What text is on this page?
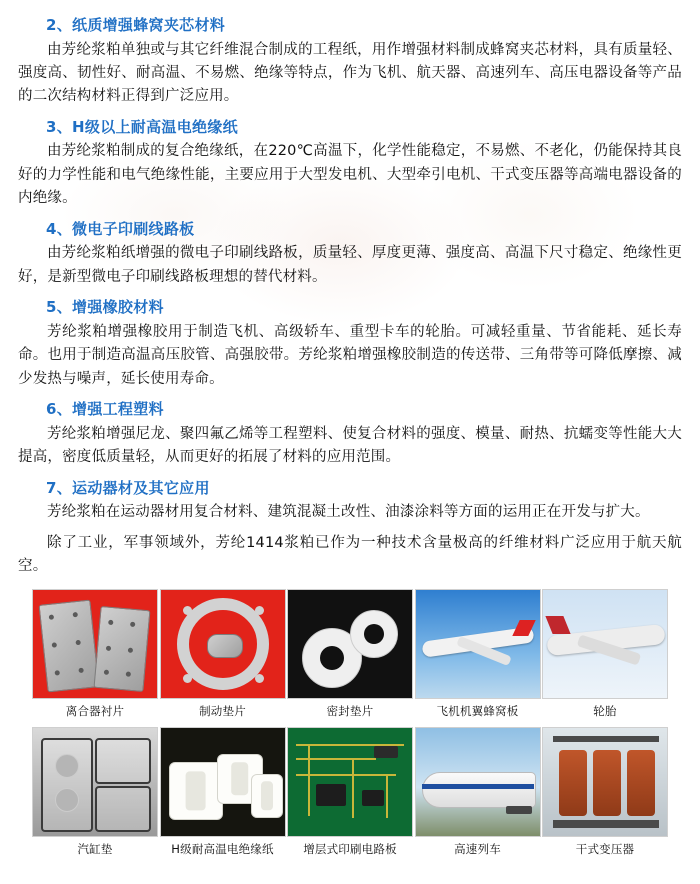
2、纸质增强蜂窝夹芯材料

由芳纶浆粕单独或与其它纤维混合制成的工程纸，用作增强材料制成蜂窝夹芯材料，具有质量轻、强度高、韧性好、耐高温、不易燃、绝缘等特点，作为飞机、航天器、高速列车、高压电器设备等产品的二次结构材料正得到广泛应用。

3、H级以上耐高温电绝缘纸

由芳纶浆粕制成的复合绝缘纸，在220℃高温下，化学性能稳定，不易燃、不老化，仍能保持其良好的力学性能和电气绝缘性能，主要应用于大型发电机、大型牵引电机、干式变压器等高端电器设备的内绝缘。

4、微电子印刷线路板

由芳纶浆粕纸增强的微电子印刷线路板，质量轻、厚度更薄、强度高、高温下尺寸稳定、绝缘性更好，是新型微电子印刷线路板理想的替代材料。

5、增强橡胶材料

芳纶浆粕增强橡胶用于制造飞机、高级轿车、重型卡车的轮胎。可减轻重量、节省能耗、延长寿命。也用于制造高温高压胶管、高强胶带。芳纶浆粕增强橡胶制造的传送带、三角带等可降低摩擦、减少发热与噪声，延长使用寿命。

6、增强工程塑料

芳纶浆粕增强尼龙、聚四氟乙烯等工程塑料、使复合材料的强度、模量、耐热、抗蠕变等性能大大提高，密度低质量轻，从而更好的拓展了材料的应用范围。

7、运动器材及其它应用

芳纶浆粕在运动器材用复合材料、建筑混凝土改性、油漆涂料等方面的运用正在开发与扩大。

除了工业，军事领域外，芳纶1414浆粕已作为一种技术含量极高的纤维材料广泛应用于航天航空。

离合器衬片	制动垫片	密封垫片	飞机机翼蜂窝板	轮胎
汽缸垫	H级耐高温电绝缘纸	增层式印刷电路板	高速列车	干式变压器
